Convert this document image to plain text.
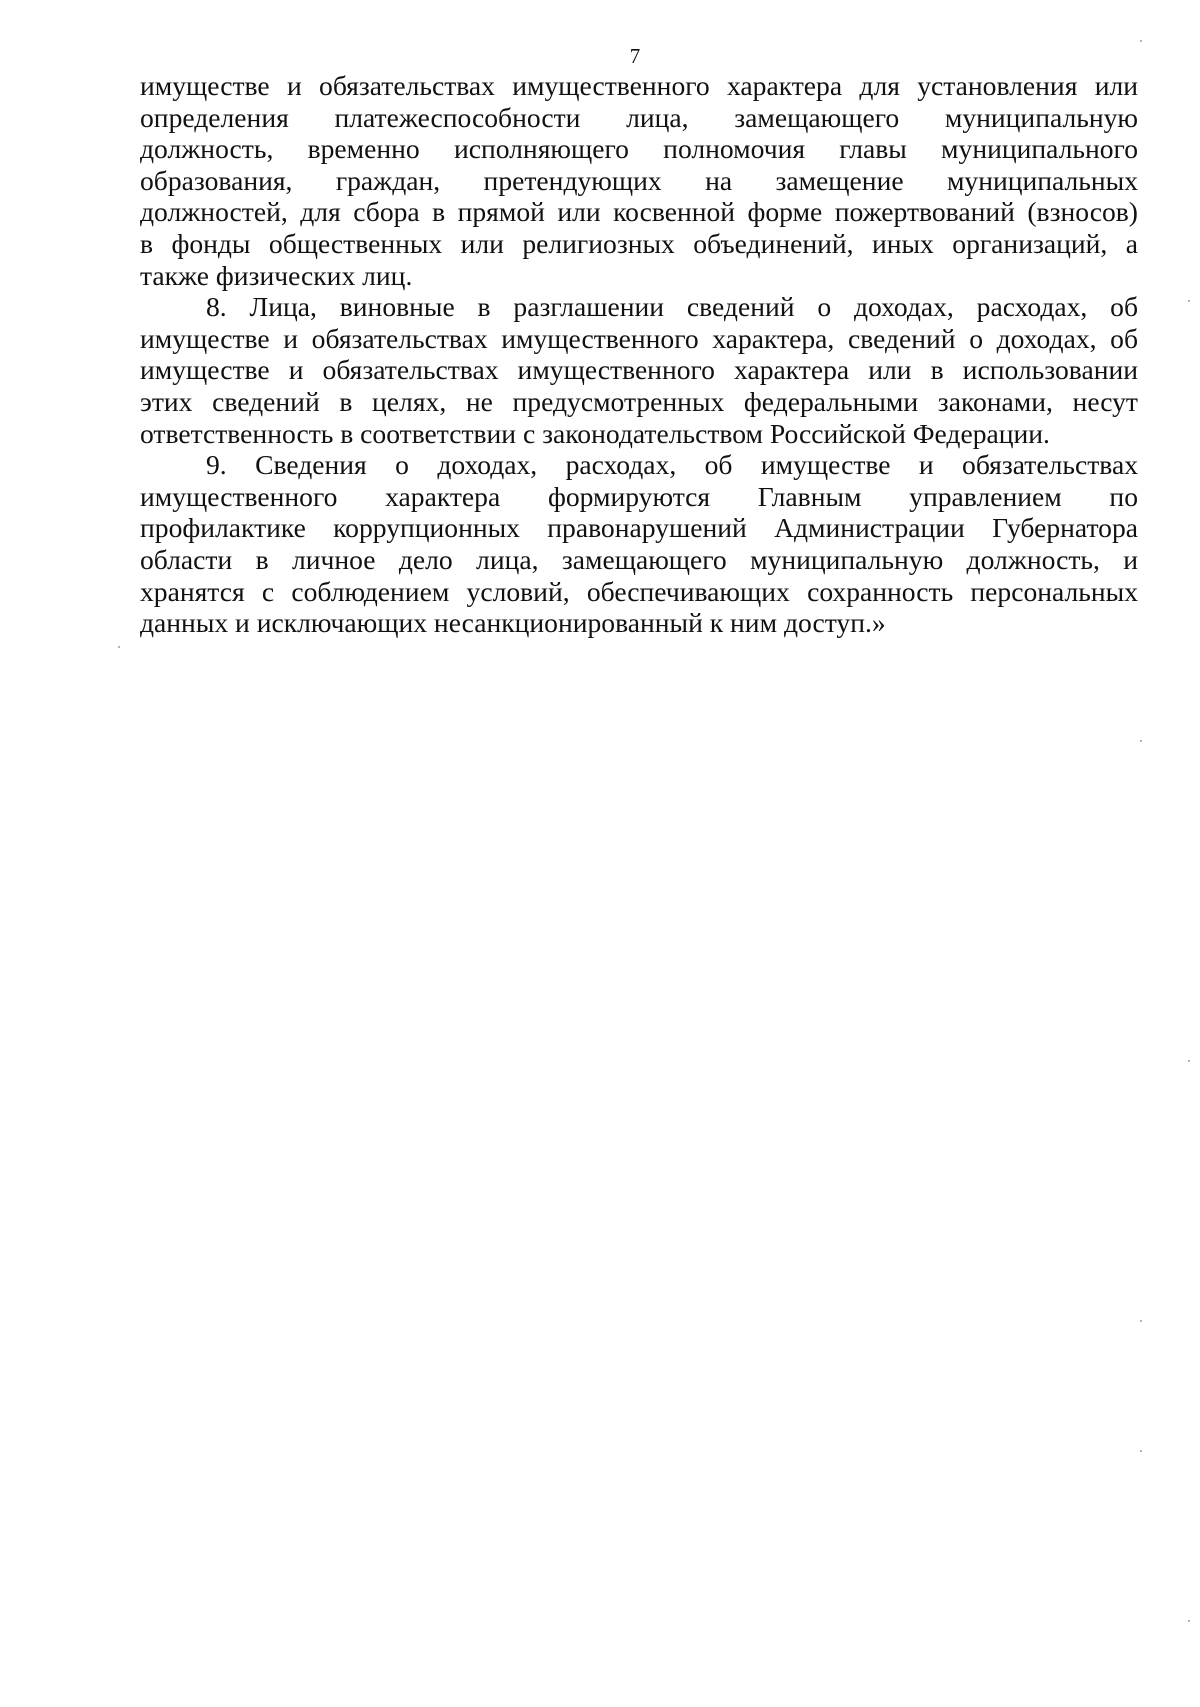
7

имуществе и обязательствах имущественного характера для установления или
определения платежеспособности лица, замещающего муниципальную
должность, временно исполняющего полномочия главы муниципального
образования, граждан, претендующих на замещение муниципальных
должностей, для сбора в прямой или косвенной форме пожертвований (взносов)
в фонды общественных или религиозных объединений, иных организаций, а
также физических лиц.

8. Лица, виновные в разглашении сведений о доходах, расходах, об
имуществе и обязательствах имущественного характера, сведений о доходах, об
имуществе и обязательствах имущественного характера или в использовании
этих сведений в целях, не предусмотренных федеральными законами, несут
ответственность в соответствии с законодательством Российской Федерации.

9. Сведения о доходах, расходах, об имуществе и обязательствах
имущественного характера формируются Главным управлением по
профилактике коррупционных правонарушений Администрации Губернатора
области в личное дело лица, замещающего муниципальную должность, и
хранятся с соблюдением условий, обеспечивающих сохранность персональных
данных и исключающих несанкционированный к ним доступ.»
